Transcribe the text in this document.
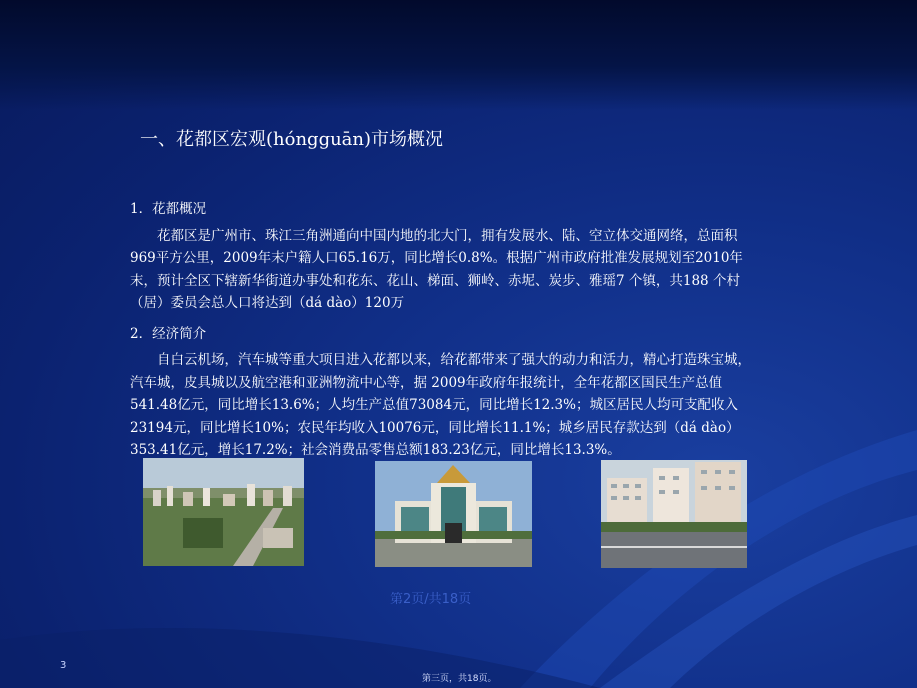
一、花都区宏观(hóngguān)市场概况
1．花都概况
花都区是广州市、珠江三角洲通向中国内地的北大门，拥有发展水、陆、空立体交通网络，总面积969平方公里，2009年末户籍人口65.16万，同比增长0.8%。根据广州市政府批准发展规划至2010年末，预计全区下辖新华街道办事处和花东、花山、梯面、狮岭、赤坭、炭步、雅瑶7 个镇，共188 个村（居）委员会总人口将达到（dá dào）120万
2．经济简介
自白云机场，汽车城等重大项目进入花都以来，给花都带来了强大的动力和活力，精心打造珠宝城，汽车城，皮具城以及航空港和亚洲物流中心等，据 2009年政府年报统计，全年花都区国民生产总值541.48亿元，同比增长13.6%；人均生产总值73084元，同比增长12.3%；城区居民人均可支配收入23194元，同比增长10%；农民年均收入10076元，同比增长11.1%；城乡居民存款达到（dá dào）353.41亿元，增长17.2%；社会消费品零售总额183.23亿元，同比增长13.3%。
第2页/共18页
3
第三页，共18页。
